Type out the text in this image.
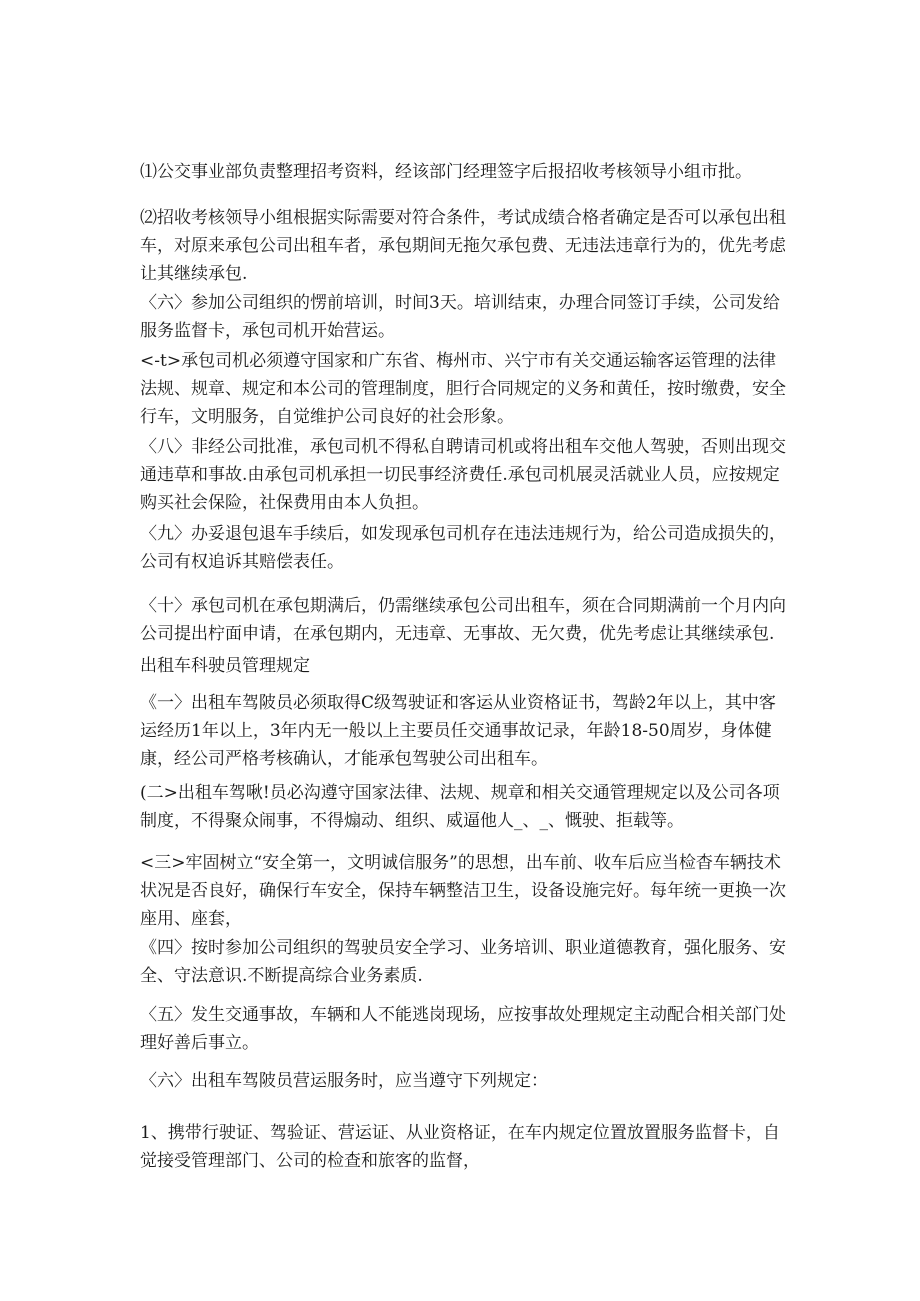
⑴公交事业部负责整理招考资料，经该部门经理签字后报招收考核领导小组市批。

⑵招收考核领导小组根据实际需要对符合条件，考试成绩合格者确定是否可以承包出租车，对原来承包公司出租车者，承包期间无拖欠承包费、无违法违章行为的，优先考虑让其继续承包.

〈六〉参加公司组织的愣前培训，时间3天。培训结束，办理合同签订手续，公司发给服务监督卡，承包司机开始营运。

<-t>承包司机必须遵守国家和广东省、梅州市、兴宁市有关交通运输客运管理的法律法规、规章、规定和本公司的管理制度，胆行合同规定的义务和黄任，按时缴费，安全行车，文明服务，自觉维护公司良好的社会形象。

〈八〉非经公司批准，承包司机不得私自聘请司机或将出租车交他人驾驶，否则出现交通违草和事故.由承包司机承担一切民事经济费任.承包司机展灵活就业人员，应按规定购买社会保险，社保费用由本人负担。

〈九〉办妥退包退车手续后，如发现承包司机存在违法违规行为，给公司造成损失的，公司有权追诉其赔偿表任。

〈十〉承包司机在承包期满后，仍需继续承包公司出租车，须在合同期满前一个月内向公司提出柠面申请，在承包期内，无违章、无事故、无欠费，优先考虑让其继续承包.

出租车科驶员管理规定

《一〉出租车驾陂员必须取得C级驾驶证和客运从业资格证书，驾龄2年以上，其中客运经历1年以上，3年内无一般以上主要员任交通事故记录，年龄18-50周岁，身体健康，经公司严格考核确认，才能承包驾驶公司出租车。

(二>出租车驾啾!员必沟遵守国家法律、法规、规章和相关交通管理规定以及公司各项制度，不得聚众闹事，不得煽动、组织、威逼他人_、_、慨驶、拒载等。

<三>牢固树立“安全第一，文明诚信服务”的思想，出车前、收车后应当检杳车辆技术状况是否良好，确保行车安全，保持车辆整洁卫生，设备设施完好。每年统一更换一次座用、座套，

《四〉按时参加公司组织的驾驶员安全学习、业务培训、职业道德教育，强化服务、安全、守法意识.不断提高综合业务素质.

〈五〉发生交通事故，车辆和人不能逃岗现场，应按事故处理规定主动配合相关部门处理好善后事立。

〈六〉出租车驾陂员营运服务时，应当遵守下列规定：

1、携带行驶证、驾验证、营运证、从业资格证，在车内规定位置放置服务监督卡，自觉接受管理部门、公司的检查和旅客的监督，
